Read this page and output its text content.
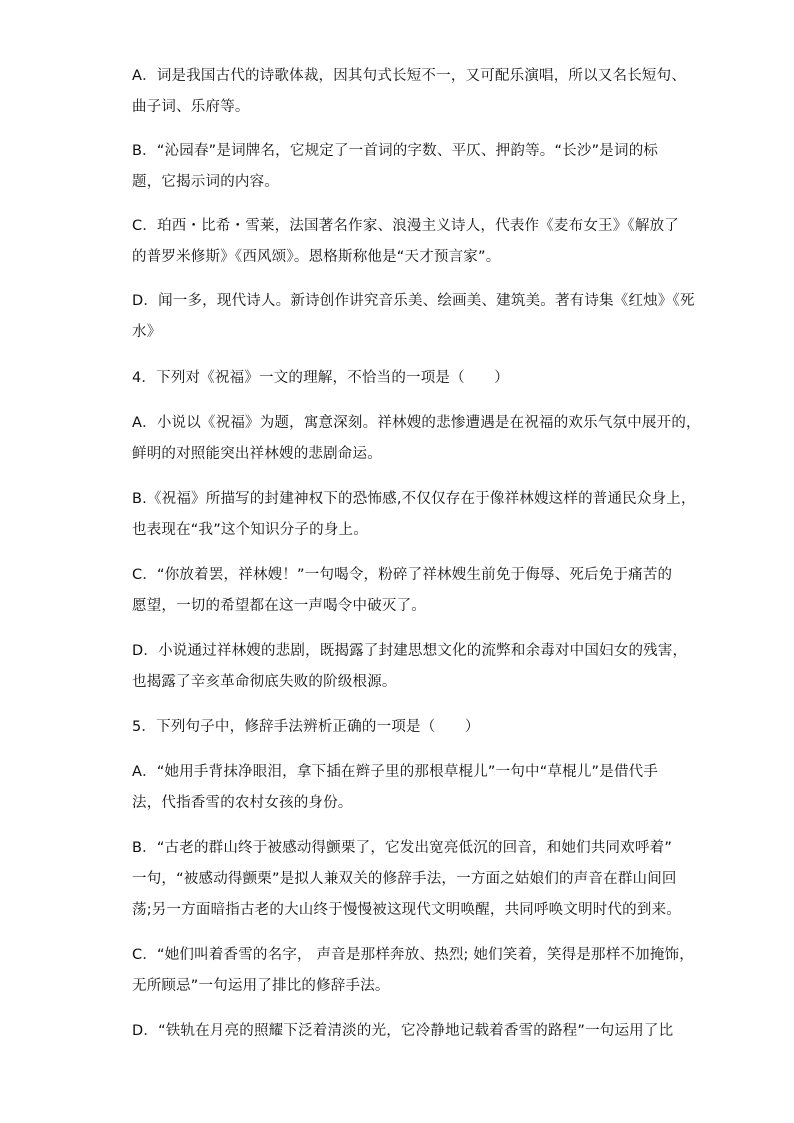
A．词是我国古代的诗歌体裁，因其句式长短不一，又可配乐演唱，所以又名长短句、
曲子词、乐府等。
B．“沁园春”是词牌名，它规定了一首词的字数、平仄、押韵等。“长沙”是词的标
题，它揭示词的内容。
C．珀西・比希・雪莱，法国著名作家、浪漫主义诗人，代表作《麦布女王》《解放了
的普罗米修斯》《西风颂》。恩格斯称他是“天才预言家”。
D．闻一多，现代诗人。新诗创作讲究音乐美、绘画美、建筑美。著有诗集《红烛》《死
水》
4．下列对《祝福》一文的理解，不恰当的一项是（　　）
A．小说以《祝福》为题，寓意深刻。祥林嫂的悲惨遭遇是在祝福的欢乐气氛中展开的，
鲜明的对照能突出祥林嫂的悲剧命运。
B.《祝福》所描写的封建神权下的恐怖感,不仅仅存在于像祥林嫂这样的普通民众身上，
也表现在“我”这个知识分子的身上。
C．“你放着罢，祥林嫂！”一句喝令，粉碎了祥林嫂生前免于侮辱、死后免于痛苦的
愿望，一切的希望都在这一声喝令中破灭了。
D．小说通过祥林嫂的悲剧，既揭露了封建思想文化的流弊和余毒对中国妇女的残害，
也揭露了辛亥革命彻底失败的阶级根源。
5．下列句子中，修辞手法辨析正确的一项是（　　）
A．“她用手背抹净眼泪，拿下插在辫子里的那根草棍儿”一句中“草棍儿”是借代手
法，代指香雪的农村女孩的身份。
B．“古老的群山终于被感动得颤栗了，它发出宽亮低沉的回音，和她们共同欢呼着”
一句，“被感动得颤栗”是拟人兼双关的修辞手法，一方面之姑娘们的声音在群山间回
荡;另一方面暗指古老的大山终于慢慢被这现代文明唤醒，共同呼唤文明时代的到来。
C．“她们叫着香雪的名字， 声音是那样奔放、热烈; 她们笑着，笑得是那样不加掩饰，
无所顾忌”一句运用了排比的修辞手法。
D．“铁轨在月亮的照耀下泛着清淡的光，它冷静地记载着香雪的路程”一句运用了比
